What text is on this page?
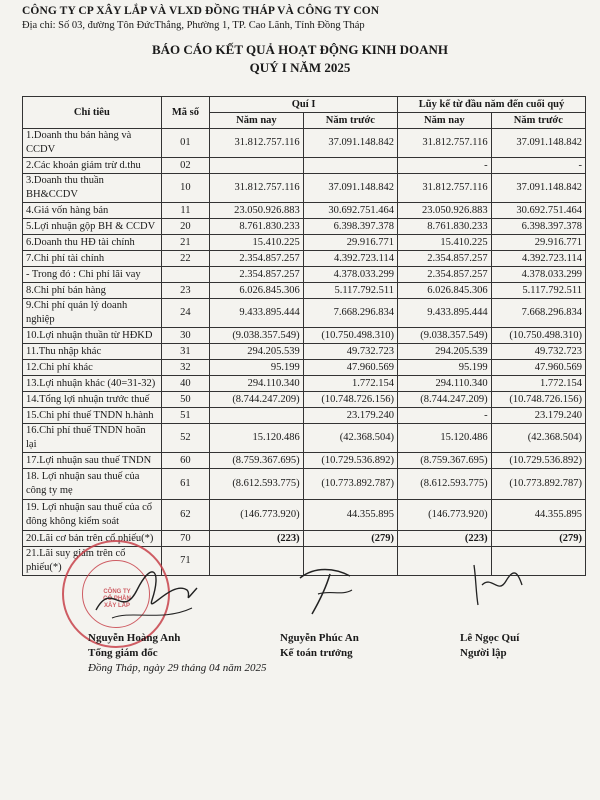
CÔNG TY CP XÂY LẮP VÀ VLXD ĐỒNG THÁP VÀ CÔNG TY CON
Địa chỉ: Số 03, đường Tôn ĐứcThắng, Phường 1, TP. Cao Lãnh, Tỉnh Đồng Tháp
BÁO CÁO KẾT QUẢ HOẠT ĐỘNG KINH DOANH
QUÝ I NĂM 2025
Chỉ tiêu	Mã số	Quí I		Lũy kế từ đầu năm đến cuối quý	
		Năm nay	Năm trước	Năm nay	Năm trước
1.Doanh thu bán hàng và CCDV	01	31.812.757.116	37.091.148.842	31.812.757.116	37.091.148.842
2.Các khoản giảm trừ d.thu	02			-	-
3.Doanh thu thuần BH&CCDV	10	31.812.757.116	37.091.148.842	31.812.757.116	37.091.148.842
4.Giá vốn hàng bán	11	23.050.926.883	30.692.751.464	23.050.926.883	30.692.751.464
5.Lợi nhuận gộp BH & CCDV	20	8.761.830.233	6.398.397.378	8.761.830.233	6.398.397.378
6.Doanh thu HĐ tài chính	21	15.410.225	29.916.771	15.410.225	29.916.771
7.Chi phí tài chính	22	2.354.857.257	4.392.723.114	2.354.857.257	4.392.723.114
- Trong đó : Chi phí lãi vay		2.354.857.257	4.378.033.299	2.354.857.257	4.378.033.299
8.Chi phí bán hàng	23	6.026.845.306	5.117.792.511	6.026.845.306	5.117.792.511
9.Chi phí quản lý doanh nghiệp	24	9.433.895.444	7.668.296.834	9.433.895.444	7.668.296.834
10.Lợi nhuận thuần từ HĐKD	30	(9.038.357.549)	(10.750.498.310)	(9.038.357.549)	(10.750.498.310)
11.Thu nhập khác	31	294.205.539	49.732.723	294.205.539	49.732.723
12.Chi phí khác	32	95.199	47.960.569	95.199	47.960.569
13.Lợi nhuận khác (40=31-32)	40	294.110.340	1.772.154	294.110.340	1.772.154
14.Tổng lợi nhuận trước thuế	50	(8.744.247.209)	(10.748.726.156)	(8.744.247.209)	(10.748.726.156)
15.Chi phí thuế TNDN h.hành	51		23.179.240	-	23.179.240
16.Chi phí thuế TNDN hoãn lại	52	15.120.486	(42.368.504)	15.120.486	(42.368.504)
17.Lợi nhuận sau thuế TNDN	60	(8.759.367.695)	(10.729.536.892)	(8.759.367.695)	(10.729.536.892)
18. Lợi nhuận sau thuế của công ty mẹ	61	(8.612.593.775)	(10.773.892.787)	(8.612.593.775)	(10.773.892.787)
19. Lợi nhuận sau thuế của cổ đông không kiểm soát	62	(146.773.920)	44.355.895	(146.773.920)	44.355.895
20.Lãi cơ bản trên cổ phiếu(*)	70	(223)	(279)	(223)	(279)
21.Lãi suy giảm trên cổ phiếu(*)	71				
CÔNG TY
CỔ PHẦN
XÂY LẮP
Nguyễn Hoàng Anh
Tổng giám đốc
Nguyễn Phúc An
Kế toán trưởng
Lê Ngọc Quí
Người lập
Đồng Tháp, ngày 29 tháng 04 năm 2025
